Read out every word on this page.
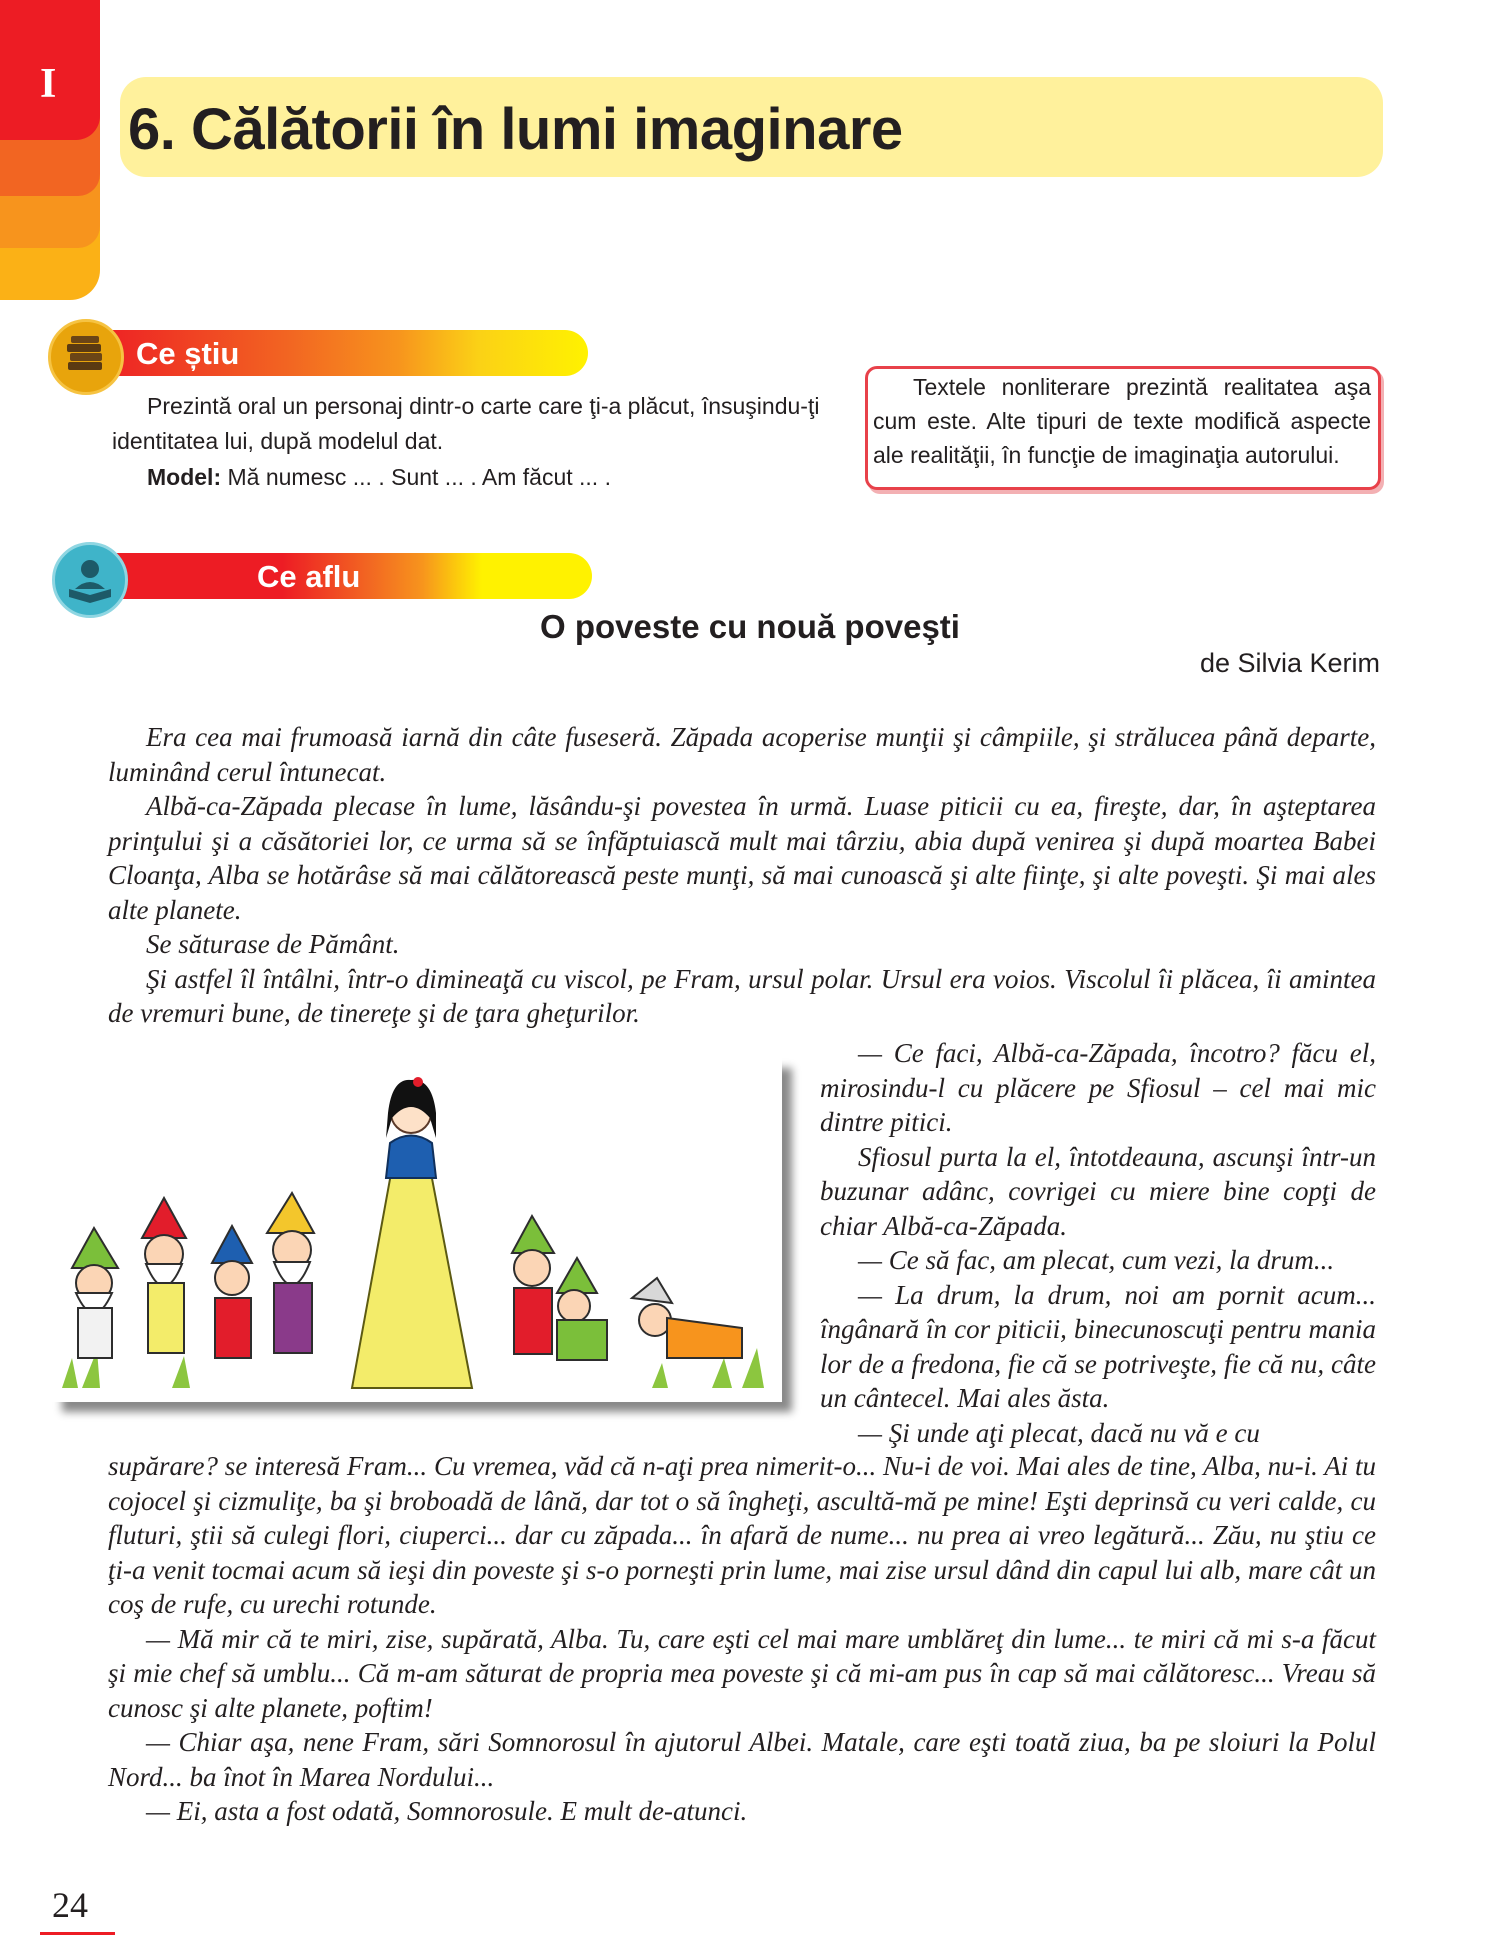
I
6. Călătorii în lumi imaginare
Ce știu
Prezintă oral un personaj dintr-o carte care ţi-a plăcut, însuşindu-ţi
identitatea lui, după modelul dat.
Model: Mă numesc ... . Sunt ... . Am făcut ... .
Textele nonliterare prezintă realitatea aşa cum este. Alte tipuri de texte modifică aspecte ale realităţii, în funcţie de imaginaţia autorului.
Ce aflu
O poveste cu nouă poveşti
de Silvia Kerim

Era cea mai frumoasă iarnă din câte fuseseră. Zăpada acoperise munţii şi câmpiile, şi strălucea până departe, luminând cerul întunecat.

Albă-ca-Zăpada plecase în lume, lăsându-şi povestea în urmă. Luase piticii cu ea, fireşte, dar, în aşteptarea prinţului şi a căsătoriei lor, ce urma să se înfăptuiască mult mai târziu, abia după venirea şi după moartea Babei Cloanţa, Alba se hotărâse să mai călătorească peste munţi, să mai cunoască şi alte fiinţe, şi alte poveşti. Şi mai ales alte planete.

Se săturase de Pământ.

Şi astfel îl întâlni, într-o dimineaţă cu viscol, pe Fram, ursul polar. Ursul era voios. Viscolul îi plăcea, îi amintea de vremuri bune, de tinereţe şi de ţara gheţurilor.

— Ce faci, Albă-ca-Zăpada, încotro? făcu el, mirosindu-l cu plăcere pe Sfiosul – cel mai mic dintre pitici.

Sfiosul purta la el, întotdeauna, ascunşi într-un buzunar adânc, covrigei cu miere bine copţi de chiar Albă-ca-Zăpada.

— Ce să fac, am plecat, cum vezi, la drum...

— La drum, la drum, noi am pornit acum... îngânară în cor piticii, binecunoscuţi pentru mania lor de a fredona, fie că se potriveşte, fie că nu, câte un cântecel. Mai ales ăsta.

— Şi unde aţi plecat, dacă nu vă e cu

supărare? se interesă Fram... Cu vremea, văd că n-aţi prea nimerit-o... Nu-i de voi. Mai ales de tine, Alba, nu-i. Ai tu cojocel şi cizmuliţe, ba şi broboadă de lână, dar tot o să îngheţi, ascultă-mă pe mine! Eşti deprinsă cu veri calde, cu fluturi, ştii să culegi flori, ciuperci... dar cu zăpada... în afară de nume... nu prea ai vreo legătură... Zău, nu ştiu ce ţi-a venit tocmai acum să ieşi din poveste şi s-o porneşti prin lume, mai zise ursul dând din capul lui alb, mare cât un coş de rufe, cu urechi rotunde.

— Mă mir că te miri, zise, supărată, Alba. Tu, care eşti cel mai mare umblăreţ din lume... te miri că mi s-a făcut şi mie chef să umblu... Că m-am săturat de propria mea poveste şi că mi-am pus în cap să mai călătoresc... Vreau să cunosc şi alte planete, poftim!

— Chiar aşa, nene Fram, sări Somnorosul în ajutorul Albei. Matale, care eşti toată ziua, ba pe sloiuri la Polul Nord... ba înot în Marea Nordului...

— Ei, asta a fost odată, Somnorosule. E mult de-atunci.

24
